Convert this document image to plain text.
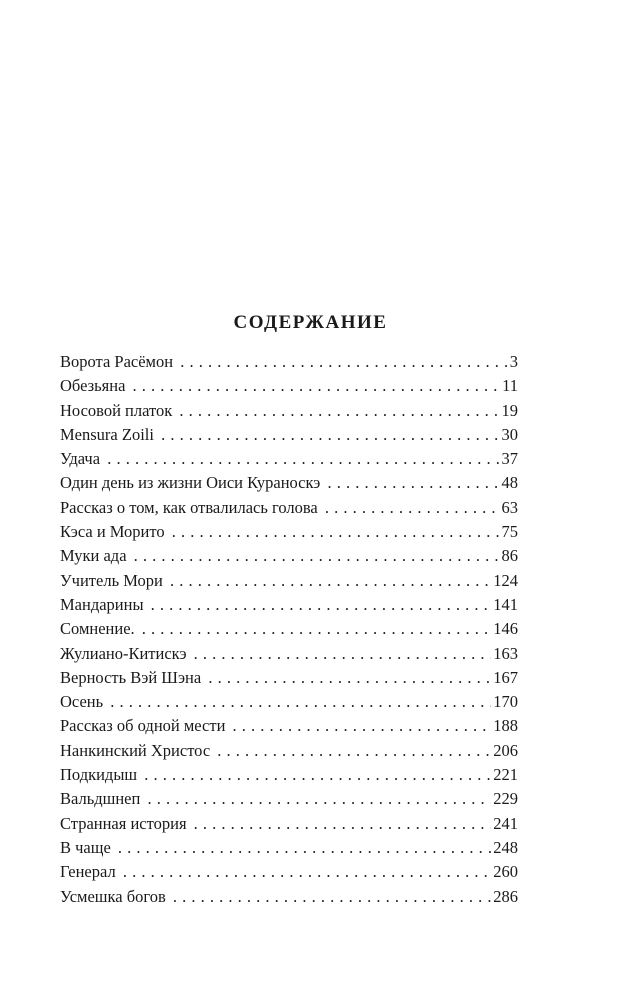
СОДЕРЖАНИЕ
Ворота Расёмон . . .	3
Обезьяна . . .	11
Носовой платок . . .	19
Mensura Zoili . . .	30
Удача . . .	37
Один день из жизни Оиси Кураноскэ . . .	48
Рассказ о том, как отвалилась голова . . .	63
Кэса и Морито . . .	75
Муки ада . . .	86
Учитель Мори . . .	124
Мандарины . . .	141
Сомнение. . . .	146
Жулиано-Китискэ . . .	163
Верность Вэй Шэна . . .	167
Осень . . .	170
Рассказ об одной мести . . .	188
Нанкинский Христос . . .	206
Подкидыш . . .	221
Вальдшнеп . . .	229
Странная история . . .	241
В чаще . . .	248
Генерал . . .	260
Усмешка богов . . .	286
